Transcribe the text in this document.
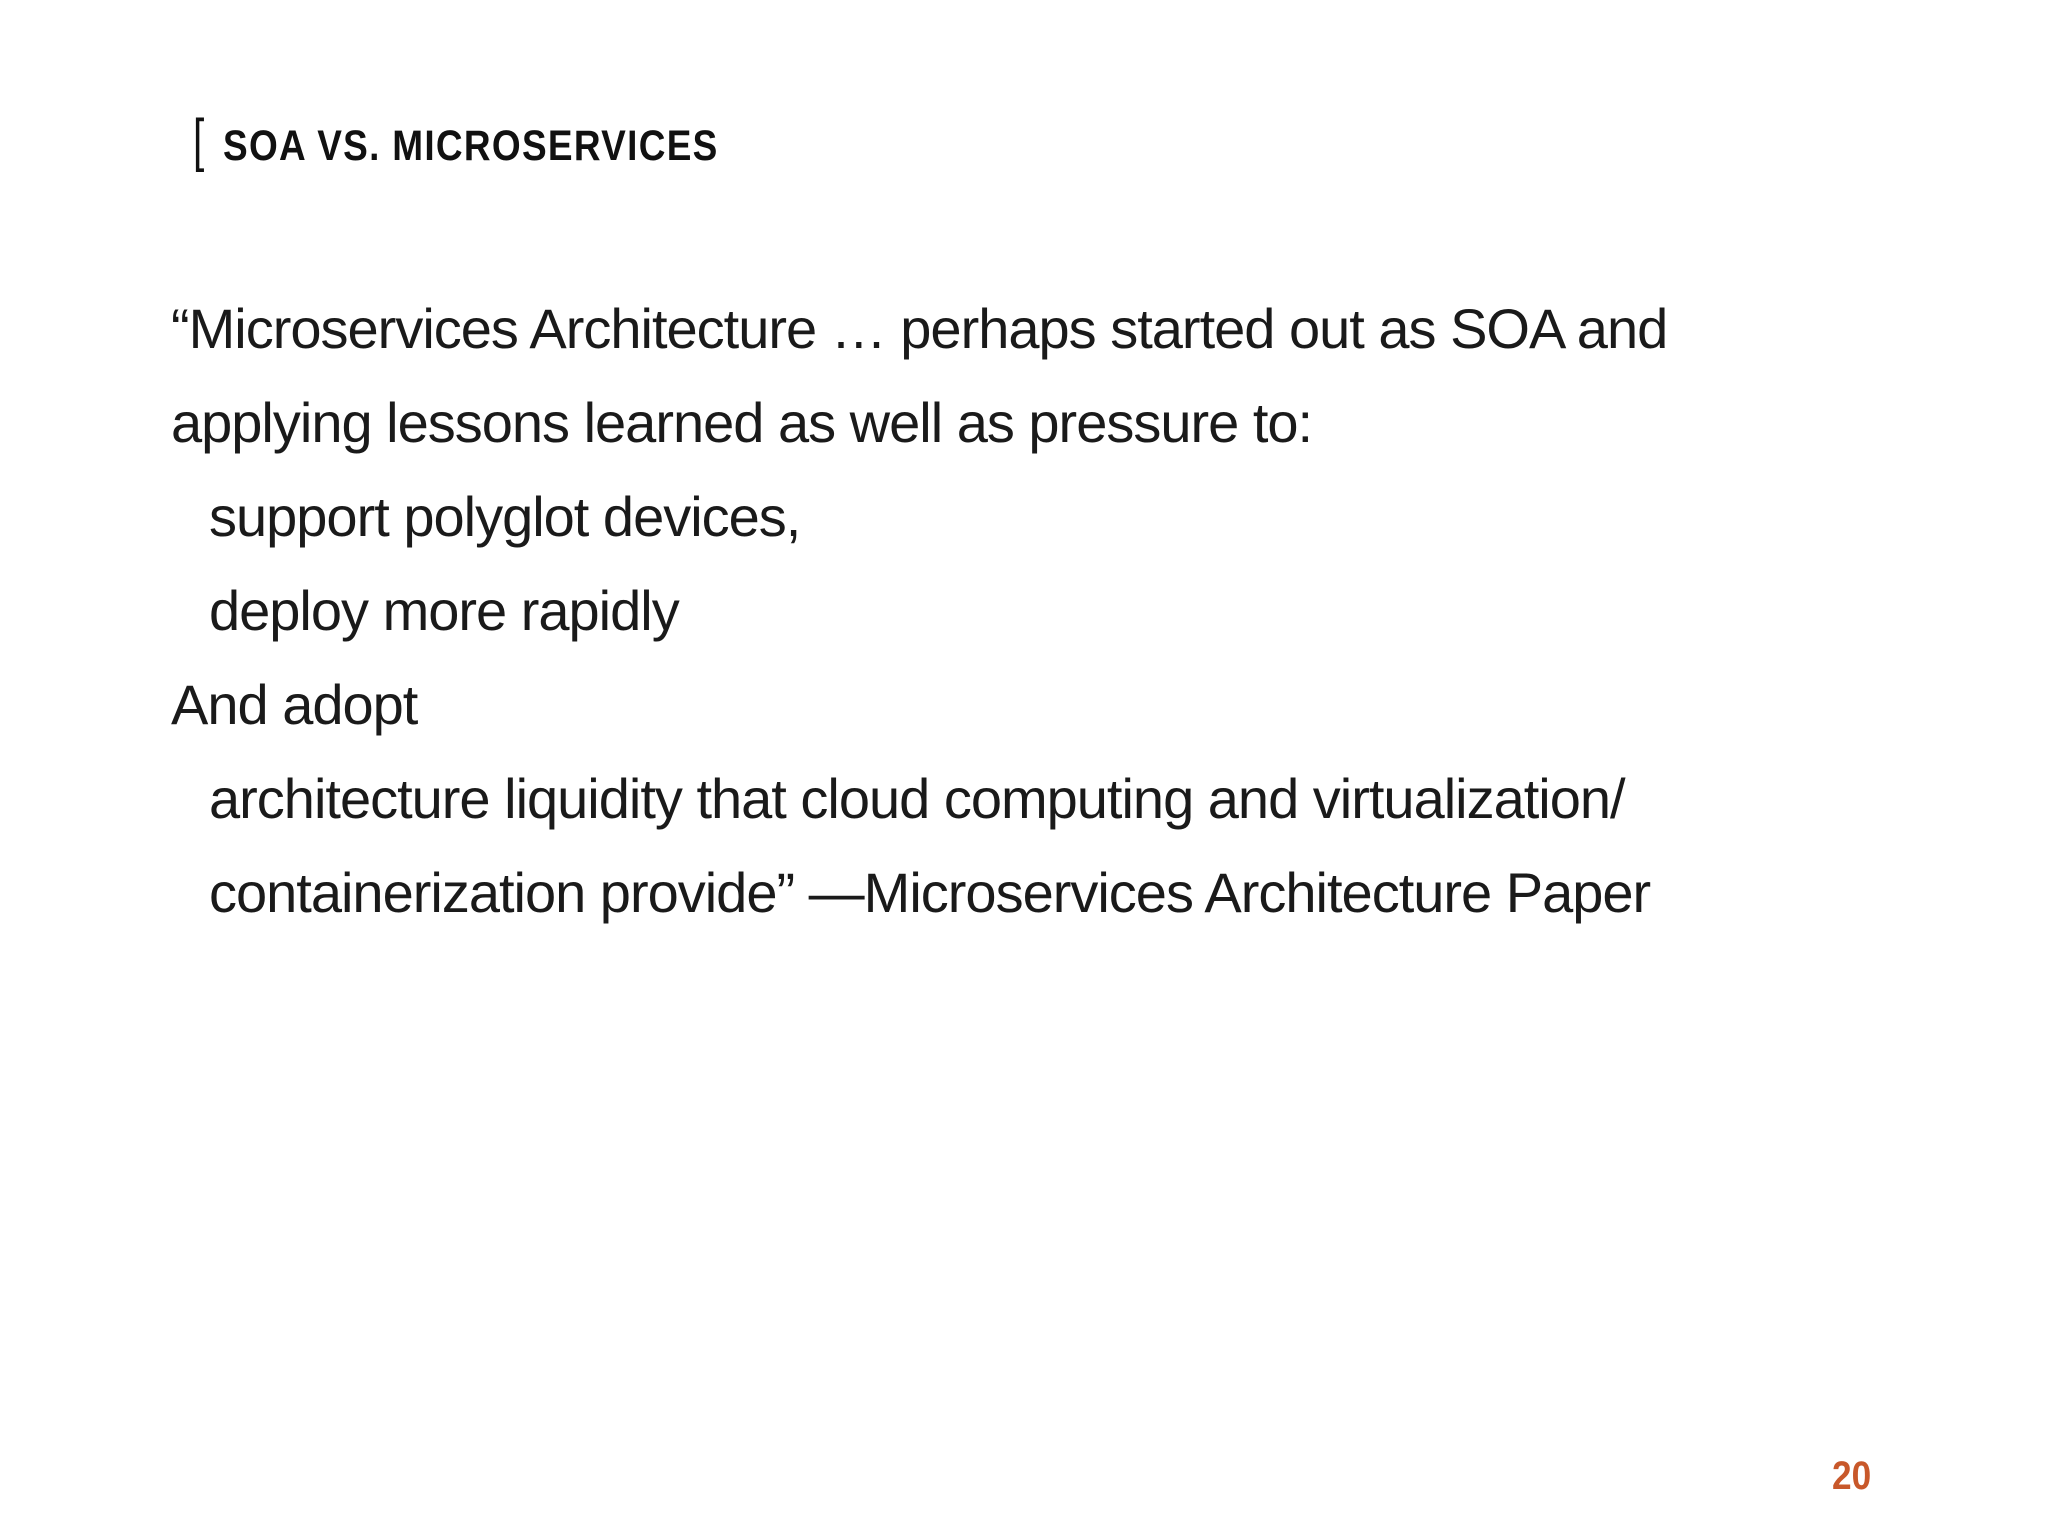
[ SOA VS. MICROSERVICES
“Microservices Architecture … perhaps started out as SOA and
applying lessons learned as well as pressure to:
support polyglot devices,
deploy more rapidly
And adopt
architecture liquidity that cloud computing and virtualization/
containerization provide” —Microservices Architecture Paper
20
